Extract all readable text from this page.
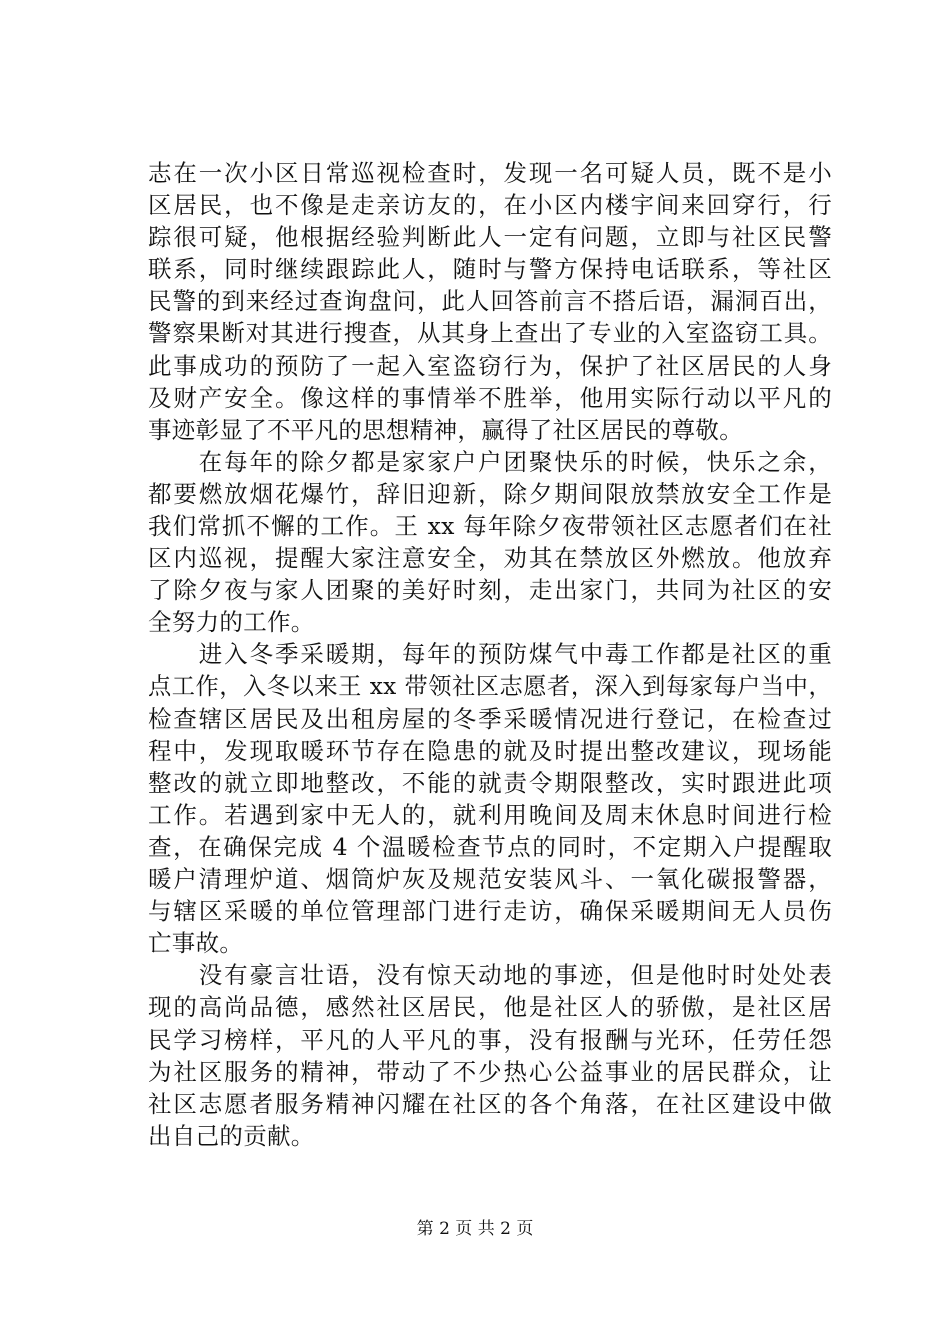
志在一次小区日常巡视检查时，发现一名可疑人员，既不是小
区居民，也不像是走亲访友的，在小区内楼宇间来回穿行，行
踪很可疑，他根据经验判断此人一定有问题，立即与社区民警
联系，同时继续跟踪此人，随时与警方保持电话联系，等社区
民警的到来经过查询盘问，此人回答前言不搭后语，漏洞百出，
警察果断对其进行搜查，从其身上查出了专业的入室盗窃工具。
此事成功的预防了一起入室盗窃行为，保护了社区居民的人身
及财产安全。像这样的事情举不胜举，他用实际行动以平凡的
事迹彰显了不平凡的思想精神，赢得了社区居民的尊敬。
　　在每年的除夕都是家家户户团聚快乐的时候，快乐之余，
都要燃放烟花爆竹，辞旧迎新，除夕期间限放禁放安全工作是
我们常抓不懈的工作。王 xx 每年除夕夜带领社区志愿者们在社
区内巡视，提醒大家注意安全，劝其在禁放区外燃放。他放弃
了除夕夜与家人团聚的美好时刻，走出家门，共同为社区的安
全努力的工作。
　　进入冬季采暖期，每年的预防煤气中毒工作都是社区的重
点工作，入冬以来王 xx 带领社区志愿者，深入到每家每户当中，
检查辖区居民及出租房屋的冬季采暖情况进行登记，在检查过
程中，发现取暖环节存在隐患的就及时提出整改建议，现场能
整改的就立即地整改，不能的就责令期限整改，实时跟进此项
工作。若遇到家中无人的，就利用晚间及周末休息时间进行检
查，在确保完成 4 个温暖检查节点的同时，不定期入户提醒取
暖户清理炉道、烟筒炉灰及规范安装风斗、一氧化碳报警器，
与辖区采暖的单位管理部门进行走访，确保采暖期间无人员伤
亡事故。
　　没有豪言壮语，没有惊天动地的事迹，但是他时时处处表
现的高尚品德，感然社区居民，他是社区人的骄傲，是社区居
民学习榜样，平凡的人平凡的事，没有报酬与光环，任劳任怨
为社区服务的精神，带动了不少热心公益事业的居民群众，让
社区志愿者服务精神闪耀在社区的各个角落，在社区建设中做
出自己的贡献。
第 2 页 共 2 页
